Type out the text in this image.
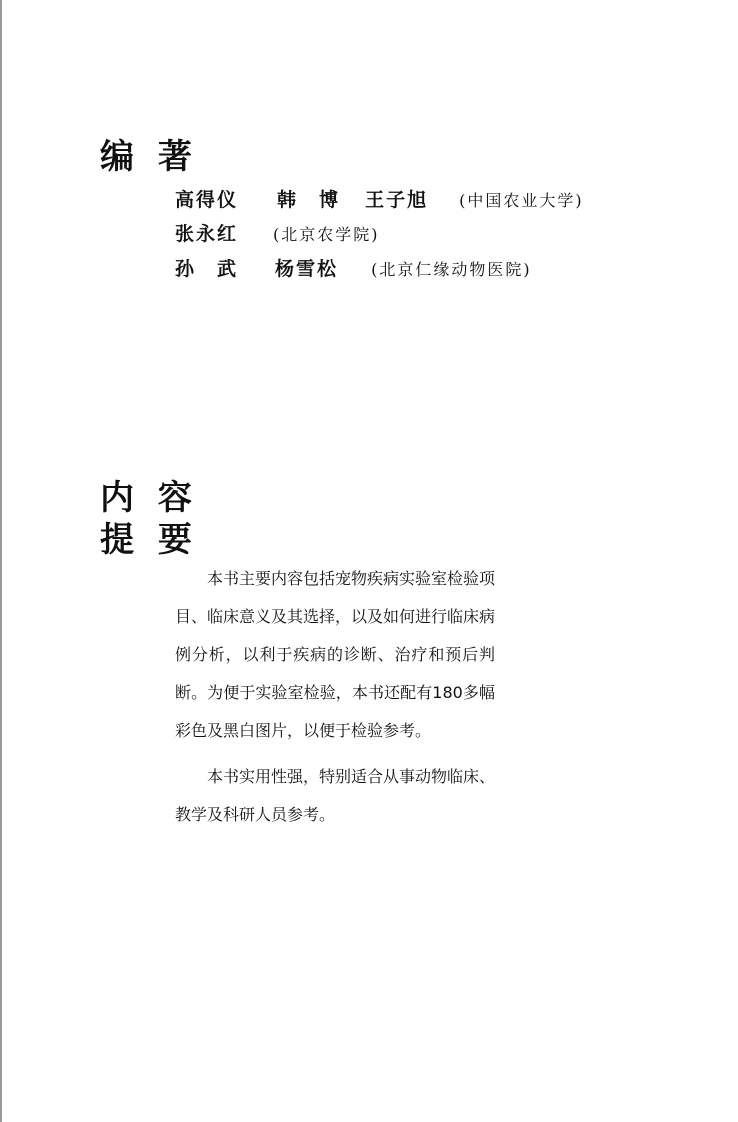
编 著
高得仪 韩　博 王子旭 (中国农业大学)
张永红 (北京农学院)
孙　武 杨雪松 (北京仁缘动物医院)
内 容
提 要

本书主要内容包括宠物疾病实验室检验项目、临床意义及其选择，以及如何进行临床病例分析，以利于疾病的诊断、治疗和预后判断。为便于实验室检验，本书还配有180多幅彩色及黑白图片，以便于检验参考。

本书实用性强，特别适合从事动物临床、教学及科研人员参考。
